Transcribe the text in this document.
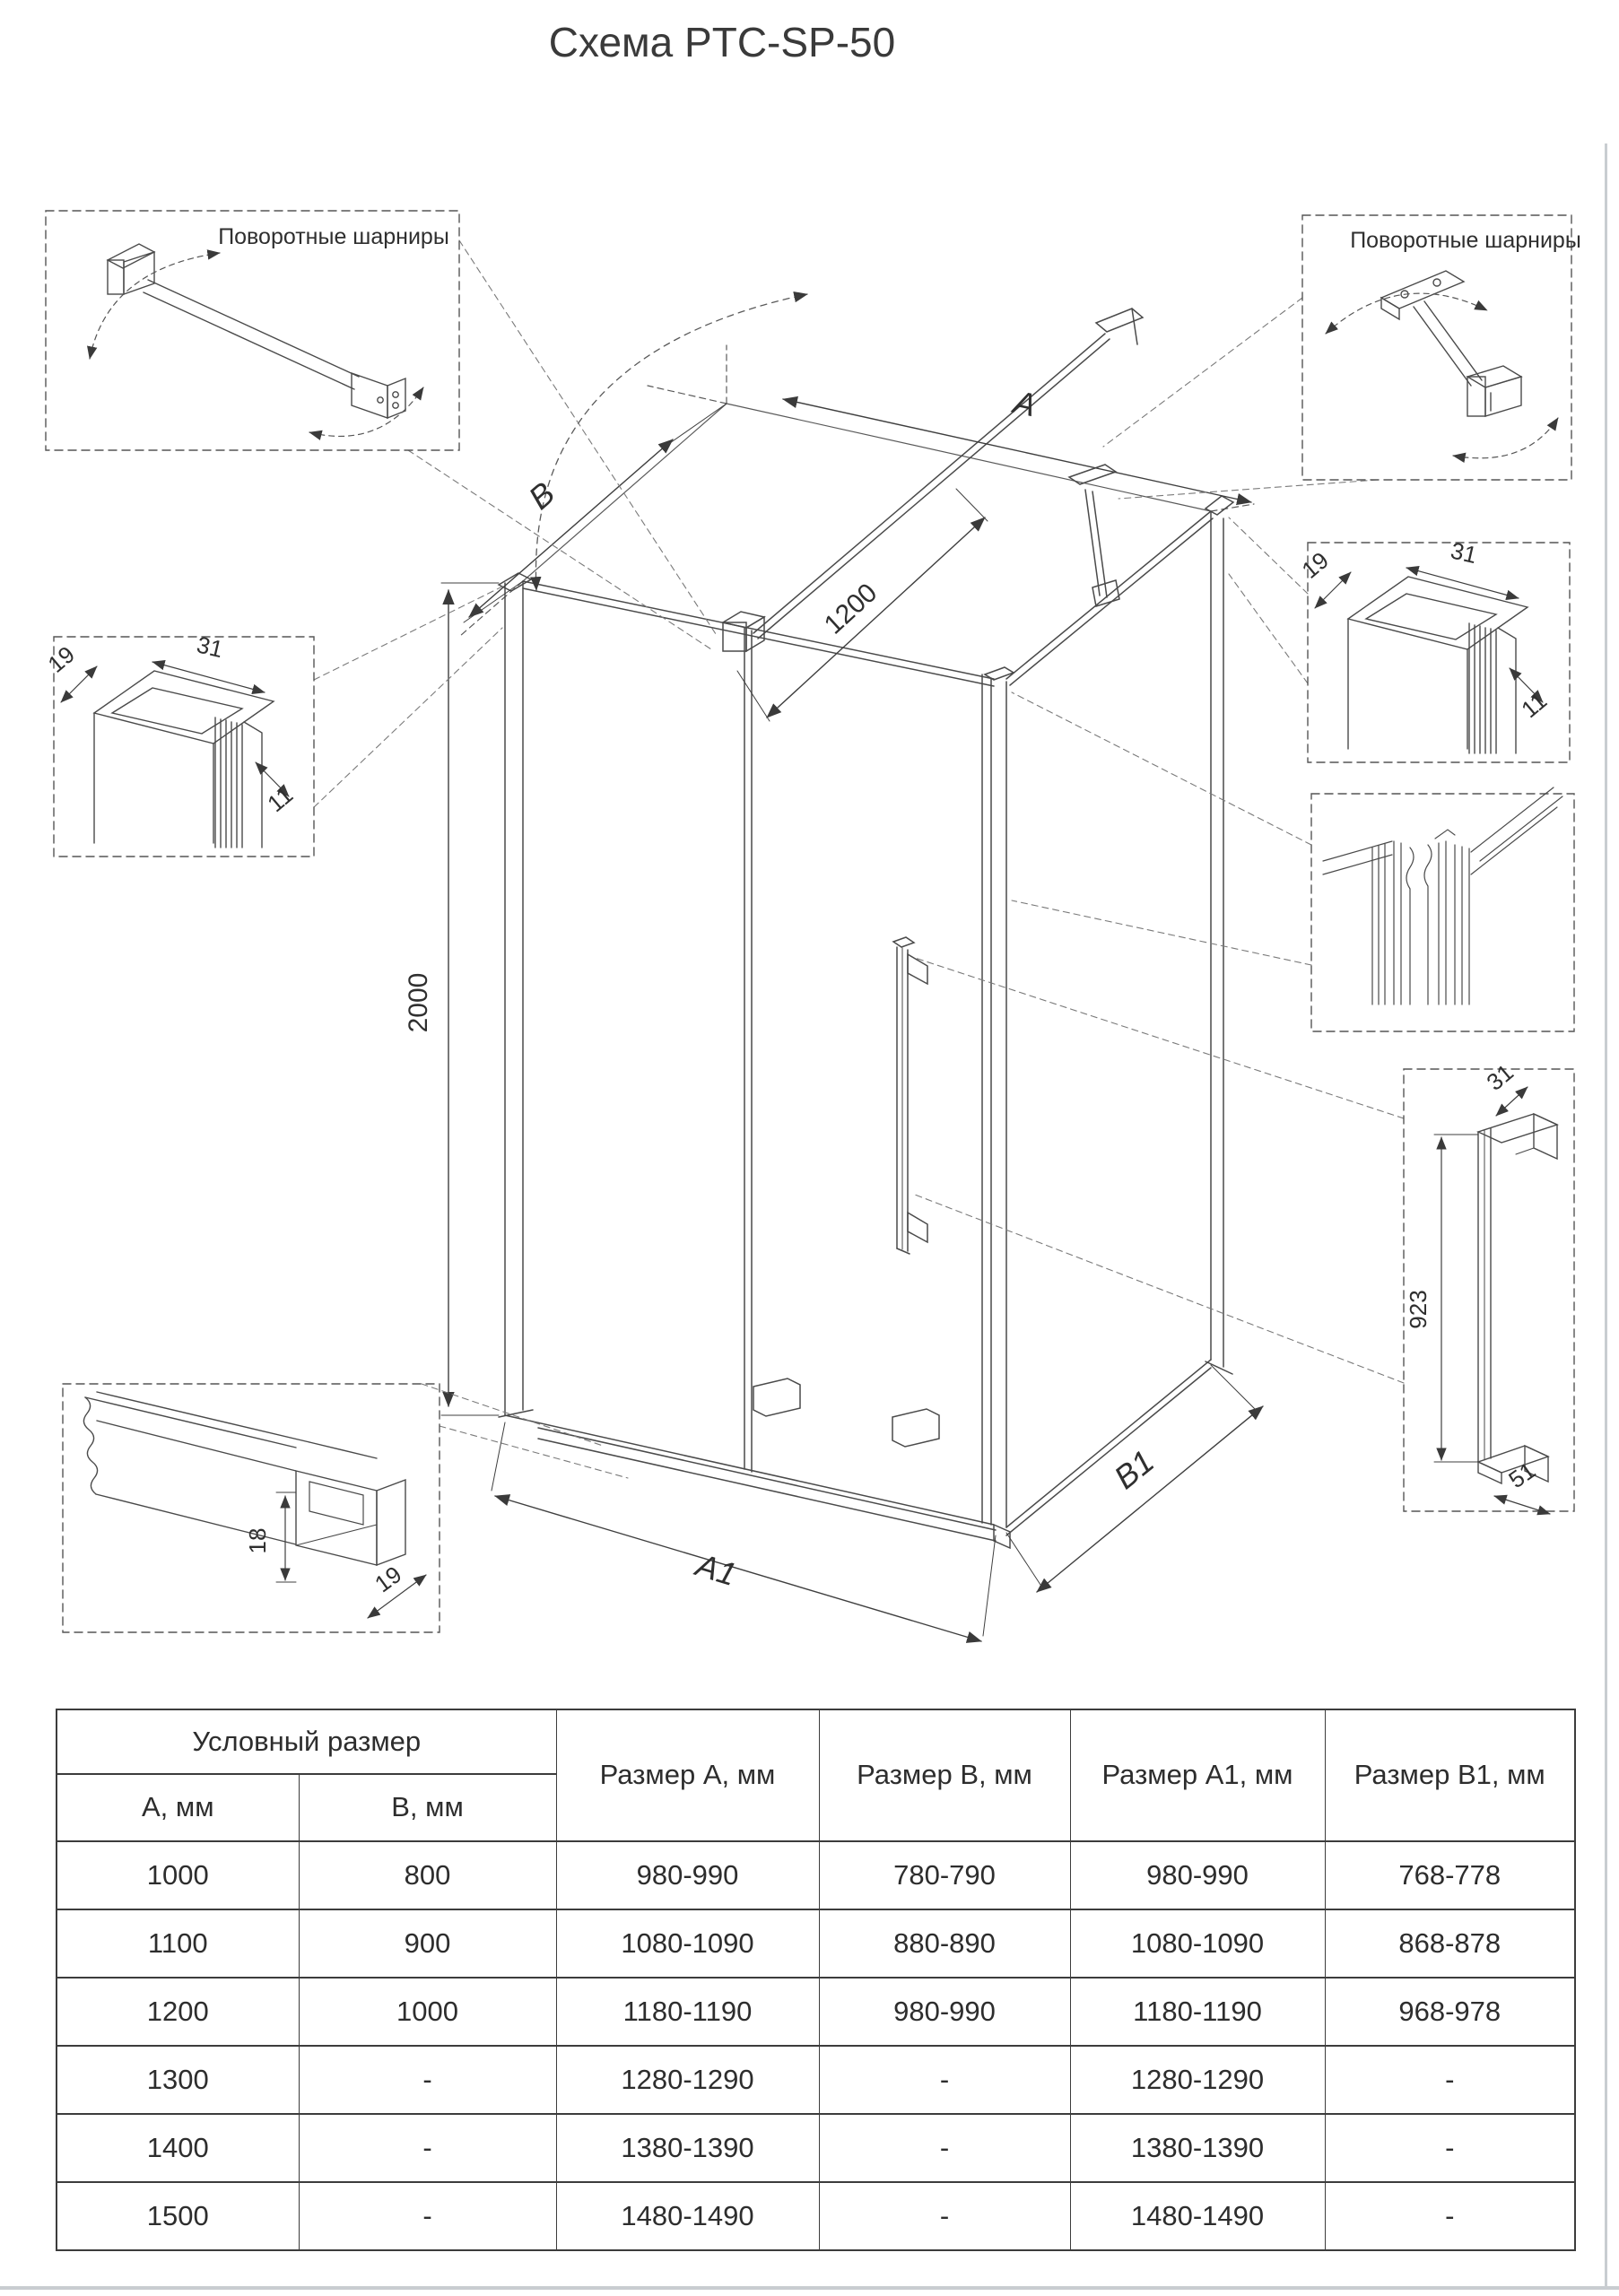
Схема PTC-SP-50
A
B
2000
1200
A1
B1
Поворотные шарниры	Поворотные шарниры
19	31
11
19	31
11
31
923
51
18
19
Условный размер		Размер А, мм	Размер В, мм	Размер А1, мм	Размер В1, мм
А, мм	В, мм				
1000	800	980-990	780-790	980-990	768-778
1100	900	1080-1090	880-890	1080-1090	868-878
1200	1000	1180-1190	980-990	1180-1190	968-978
1300	-	1280-1290	-	1280-1290	-
1400	-	1380-1390	-	1380-1390	-
1500	-	1480-1490	-	1480-1490	-
